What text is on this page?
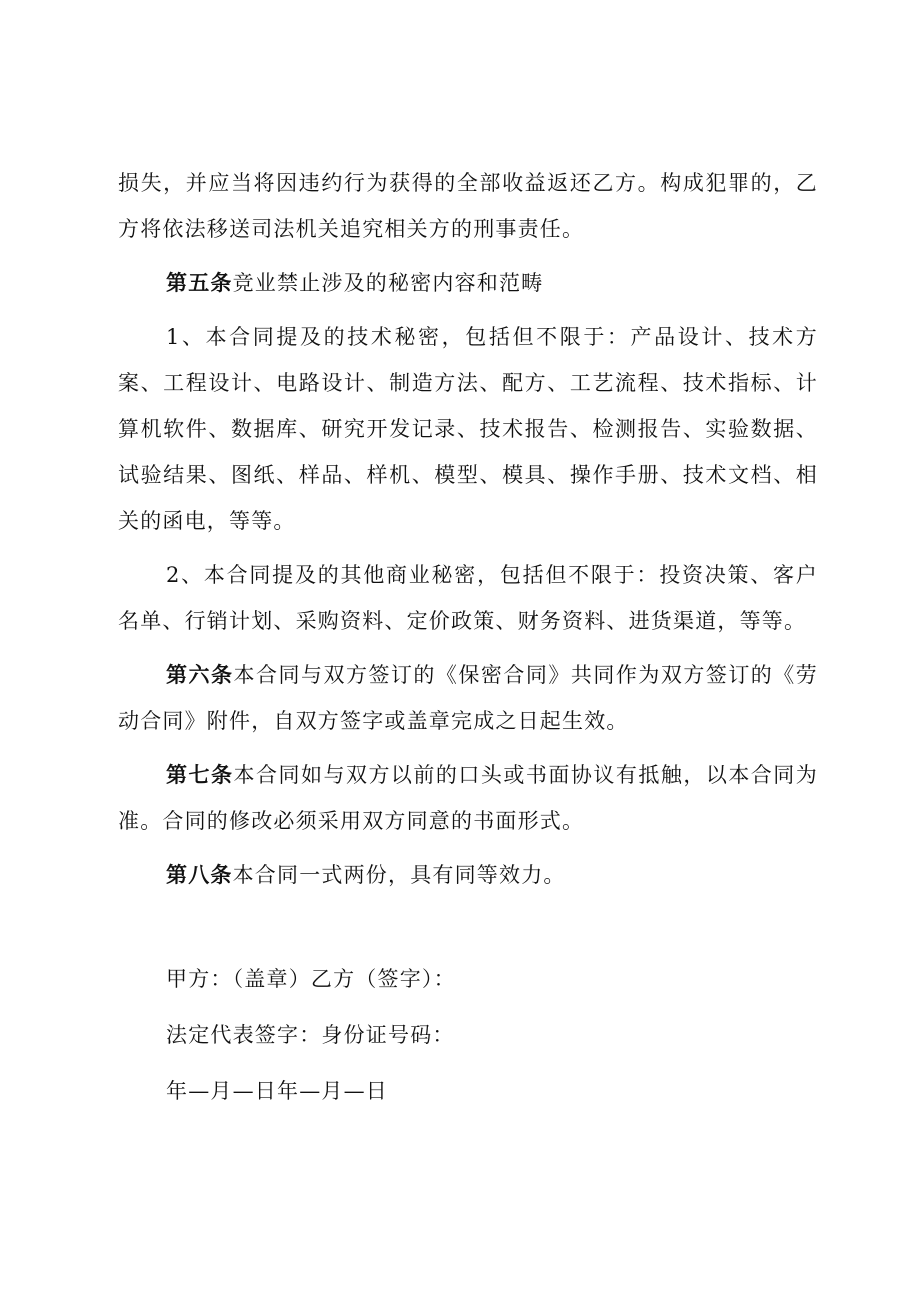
损失，并应当将因违约行为获得的全部收益返还乙方。构成犯罪的，乙方将依法移送司法机关追究相关方的刑事责任。

第五条竞业禁止涉及的秘密内容和范畴

1、本合同提及的技术秘密，包括但不限于：产品设计、技术方案、工程设计、电路设计、制造方法、配方、工艺流程、技术指标、计算机软件、数据库、研究开发记录、技术报告、检测报告、实验数据、试验结果、图纸、样品、样机、模型、模具、操作手册、技术文档、相关的函电，等等。

2、本合同提及的其他商业秘密，包括但不限于：投资决策、客户名单、行销计划、采购资料、定价政策、财务资料、进货渠道，等等。

第六条本合同与双方签订的《保密合同》共同作为双方签订的《劳动合同》附件，自双方签字或盖章完成之日起生效。

第七条本合同如与双方以前的口头或书面协议有抵触，以本合同为准。合同的修改必须采用双方同意的书面形式。

第八条本合同一式两份，具有同等效力。

甲方：（盖章）乙方（签字）：

法定代表签字：身份证号码：

年—月—日年—月—日
